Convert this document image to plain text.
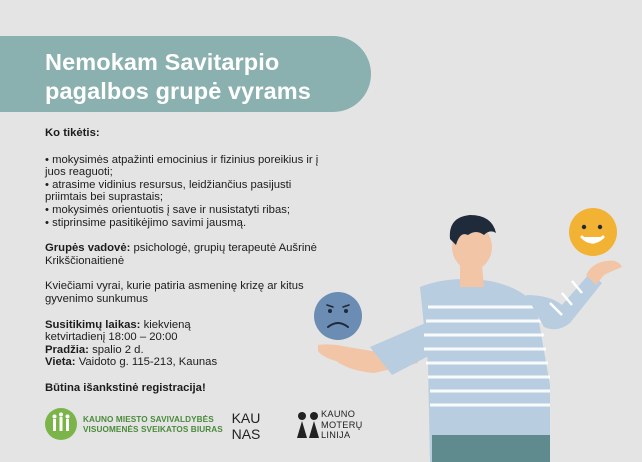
Nemokam Savitarpio
pagalbos grupė vyrams

Ko tikėtis:

• mokysimės atpažinti emocinius ir fizinius poreikius ir į
juos reaguoti;
• atrasime vidinius resursus, leidžiančius pasijusti
priimtais bei suprastais;
• mokysimės orientuotis į save ir nusistatyti ribas;
• stiprinsime pasitikėjimo savimi jausmą.

Grupės vadovė: psichologė, grupių terapeutė Aušrinė

Krikščionaitienė

Kviečiami vyrai, kurie patiria asmeninę krizę ar kitus

gyvenimo sunkumus

Susitikimų laikas: kiekvieną

ketvirtadienį 18:00 – 20:00

Pradžia: spalio 2 d.

Vieta: Vaidoto g. 115-213, Kaunas

Būtina išankstinė registracija!

KAUNO MIESTO SAVIVALDYBĖS
VISUOMENĖS SVEIKATOS BIURAS
KAU
NAS
KAUNO
MOTERŲ
LINIJA
